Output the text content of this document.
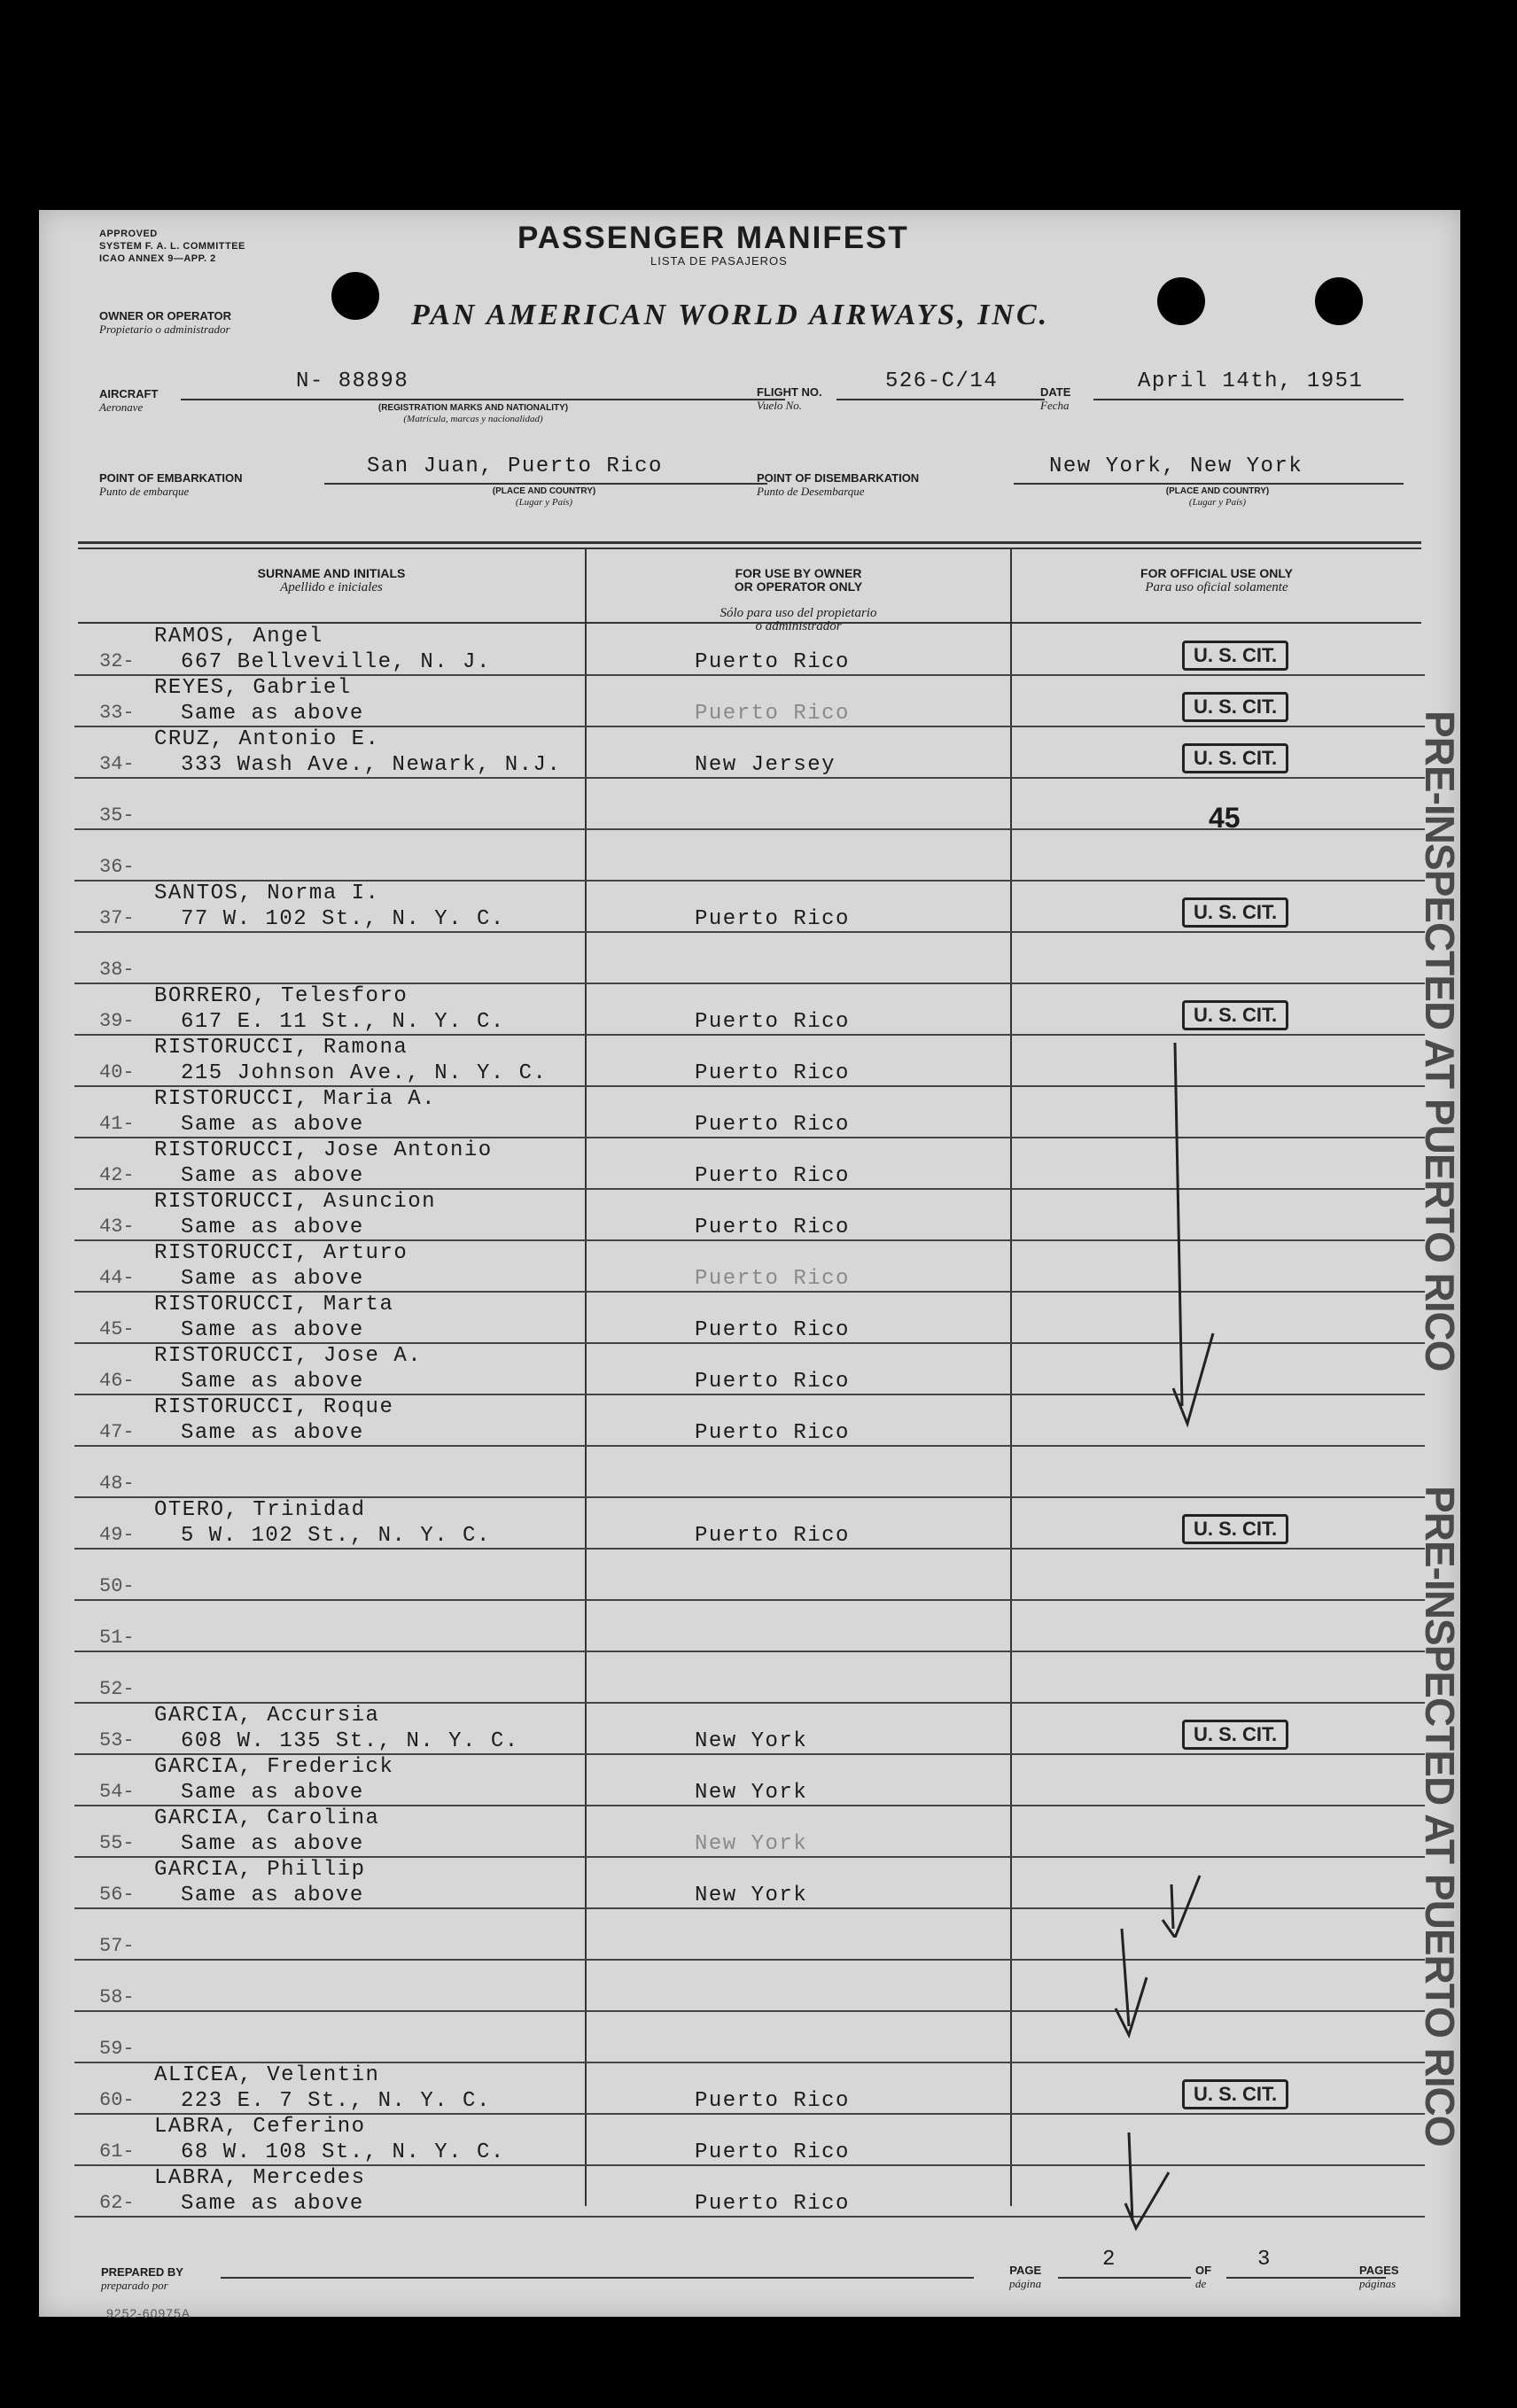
APPROVED
SYSTEM F. A. L. COMMITTEE
ICAO ANNEX 9—APP. 2
PASSENGER MANIFEST
LISTA DE PASAJEROS
OWNER OR OPERATOR
Propietario o administrador	PAN AMERICAN WORLD AIRWAYS, INC.
AIRCRAFT
Aeronave
N- 88898
(REGISTRATION MARKS AND NATIONALITY)
(Matrícula, marcas y nacionalidad)
FLIGHT NO.
Vuelo No.
526-C/14	DATE
Fecha
April 14th, 1951
POINT OF EMBARKATION
Punto de embarque
San Juan, Puerto Rico
(PLACE AND COUNTRY)
(Lugar y País)
POINT OF DISEMBARKATION
Punto de Desembarque
New York, New York
(PLACE AND COUNTRY)
(Lugar y País)
SURNAME AND INITIALS
Apellido e iniciales

FOR USE BY OWNER
OR OPERATOR ONLY

Sólo para uso del propietario
o administrador

FOR OFFICIAL USE ONLY
Para uso oficial solamente
32-
RAMOS, Angel
667 Bellveville, N. J.	Puerto Rico	U. S. CIT.
33-
REYES, Gabriel
Same as above	Puerto Rico	U. S. CIT.
34-
CRUZ, Antonio E.
333 Wash Ave., Newark, N.J.	New Jersey	U. S. CIT.
35-
36-
37-
SANTOS, Norma I.
77 W. 102 St., N. Y. C.	Puerto Rico	U. S. CIT.
38-
39-
BORRERO, Telesforo
617 E. 11 St., N. Y. C.	Puerto Rico	U. S. CIT.
40-
RISTORUCCI, Ramona
215 Johnson Ave., N. Y. C.	Puerto Rico
41-
RISTORUCCI, Maria A.
Same as above	Puerto Rico
42-
RISTORUCCI, Jose Antonio
Same as above	Puerto Rico
43-
RISTORUCCI, Asuncion
Same as above	Puerto Rico
44-
RISTORUCCI, Arturo
Same as above	Puerto Rico
45-
RISTORUCCI, Marta
Same as above	Puerto Rico
46-
RISTORUCCI, Jose A.
Same as above	Puerto Rico
47-
RISTORUCCI, Roque
Same as above	Puerto Rico
48-
49-
OTERO, Trinidad
5 W. 102 St., N. Y. C.	Puerto Rico	U. S. CIT.
50-
51-
52-
53-
GARCIA, Accursia
608 W. 135 St., N. Y. C.	New York	U. S. CIT.
54-
GARCIA, Frederick
Same as above	New York
55-
GARCIA, Carolina
Same as above	New York
56-
GARCIA, Phillip
Same as above	New York
57-
58-
59-
60-
ALICEA, Velentin
223 E. 7 St., N. Y. C.	Puerto Rico	U. S. CIT.
61-
LABRA, Ceferino
68 W. 108 St., N. Y. C.	Puerto Rico
62-
LABRA, Mercedes
Same as above	Puerto Rico
45	PRE-INSPECTED AT PUERTO RICO
PRE-INSPECTED AT PUERTO RICO
PREPARED BY
preparado por
PAGE
página
2	OF
de
3	PAGES
páginas
9252-60975A
